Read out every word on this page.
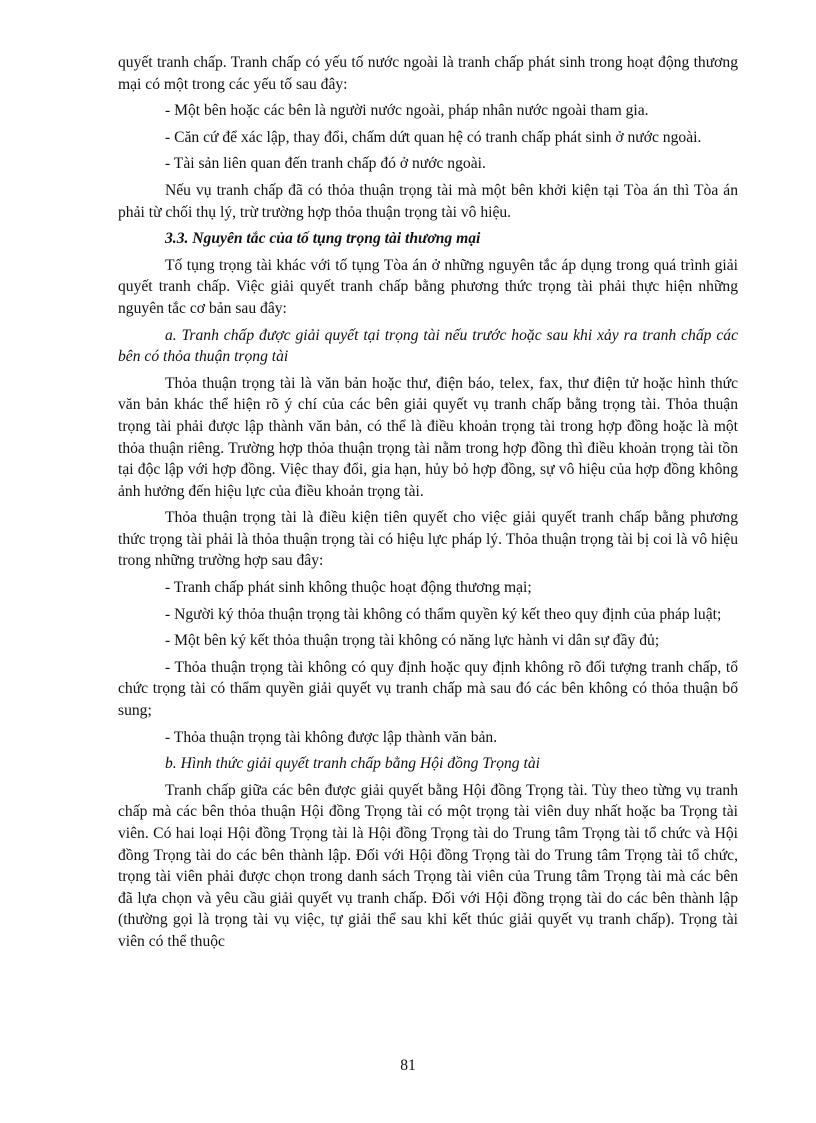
quyết tranh chấp. Tranh chấp có yếu tố nước ngoài là tranh chấp phát sinh trong hoạt động thương mại có một trong các yếu tố sau đây:

- Một bên hoặc các bên là người nước ngoài, pháp nhân nước ngoài tham gia.

- Căn cứ để xác lập, thay đổi, chấm dứt quan hệ có tranh chấp phát sinh ở nước ngoài.

- Tài sản liên quan đến tranh chấp đó ở nước ngoài.

Nếu vụ tranh chấp đã có thỏa thuận trọng tài mà một bên khởi kiện tại Tòa án thì Tòa án phải từ chối thụ lý, trừ trường hợp thỏa thuận trọng tài vô hiệu.

3.3. Nguyên tắc của tố tụng trọng tài thương mại

Tố tụng trọng tài khác với tố tụng Tòa án ở những nguyên tắc áp dụng trong quá trình giải quyết tranh chấp. Việc giải quyết tranh chấp bằng phương thức trọng tài phải thực hiện những nguyên tắc cơ bản sau đây:

a. Tranh chấp được giải quyết tại trọng tài nếu trước hoặc sau khi xảy ra tranh chấp các bên có thỏa thuận trọng tài

Thỏa thuận trọng tài là văn bản hoặc thư, điện báo, telex, fax, thư điện tử hoặc hình thức văn bản khác thể hiện rõ ý chí của các bên giải quyết vụ tranh chấp bằng trọng tài. Thỏa thuận trọng tài phải được lập thành văn bản, có thể là điều khoản trọng tài trong hợp đồng hoặc là một thỏa thuận riêng. Trường hợp thỏa thuận trọng tài nằm trong hợp đồng thì điều khoản trọng tài tồn tại độc lập với hợp đồng. Việc thay đổi, gia hạn, hủy bỏ hợp đồng, sự vô hiệu của hợp đồng không ảnh hưởng đến hiệu lực của điều khoản trọng tài.

Thỏa thuận trọng tài là điều kiện tiên quyết cho việc giải quyết tranh chấp bằng phương thức trọng tài phải là thỏa thuận trọng tài có hiệu lực pháp lý. Thỏa thuận trọng tài bị coi là vô hiệu trong những trường hợp sau đây:

- Tranh chấp phát sinh không thuộc hoạt động thương mại;

- Người ký thỏa thuận trọng tài không có thẩm quyền ký kết theo quy định của pháp luật;

- Một bên ký kết thỏa thuận trọng tài không có năng lực hành vi dân sự đầy đủ;

- Thỏa thuận trọng tài không có quy định hoặc quy định không rõ đối tượng tranh chấp, tổ chức trọng tài có thẩm quyền giải quyết vụ tranh chấp mà sau đó các bên không có thỏa thuận bổ sung;

- Thỏa thuận trọng tài không được lập thành văn bản.

b. Hình thức giải quyết tranh chấp bằng Hội đồng Trọng tài

Tranh chấp giữa các bên được giải quyết bằng Hội đồng Trọng tài. Tùy theo từng vụ tranh chấp mà các bên thỏa thuận Hội đồng Trọng tài có một trọng tài viên duy nhất hoặc ba Trọng tài viên. Có hai loại Hội đồng Trọng tài là Hội đồng Trọng tài do Trung tâm Trọng tài tổ chức và Hội đồng Trọng tài do các bên thành lập. Đối với Hội đồng Trọng tài do Trung tâm Trọng tài tổ chức, trọng tài viên phải được chọn trong danh sách Trọng tài viên của Trung tâm Trọng tài mà các bên đã lựa chọn và yêu cầu giải quyết vụ tranh chấp. Đối với Hội đồng trọng tài do các bên thành lập (thường gọi là trọng tài vụ việc, tự giải thể sau khi kết thúc giải quyết vụ tranh chấp). Trọng tài viên có thể thuộc

81
